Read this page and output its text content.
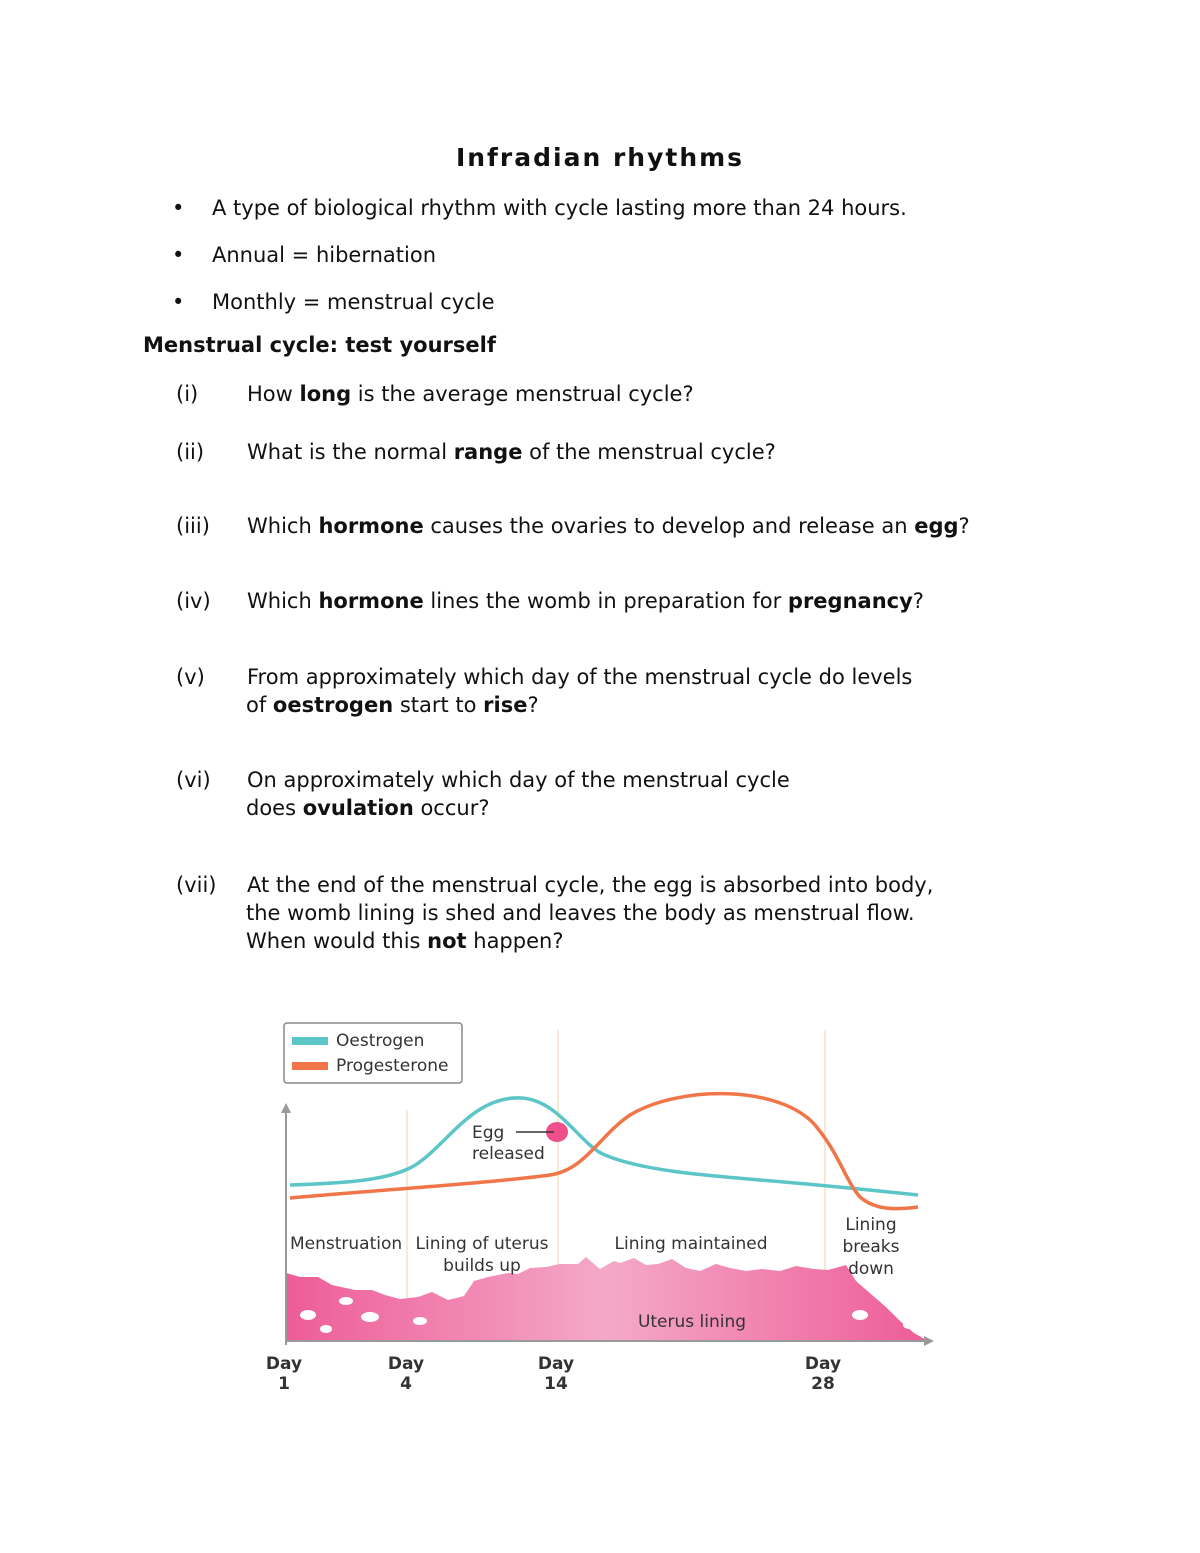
Infradian rhythms
•	A type of biological rhythm with cycle lasting more than 24 hours.
•	Annual = hibernation
•	Monthly = menstrual cycle
Menstrual cycle: test yourself
(i) How long is the average menstrual cycle?
(ii) What is the normal range of the menstrual cycle?
(iii) Which hormone causes the ovaries to develop and release an egg?
(iv) Which hormone lines the womb in preparation for pregnancy?
(v) From approximately which day of the menstrual cycle do levels
of oestrogen start to rise?
(vi) On approximately which day of the menstrual cycle
does ovulation occur?
(vii) At the end of the menstrual cycle, the egg is absorbed into body,
the womb lining is shed and leaves the body as menstrual flow.
When would this not happen?
Egg
released
Oestrogen
Progesterone
Menstruation Lining of uterus
builds up
Lining maintained
Lining
breaks
down
Uterus lining
Day
1
Day
4
Day
14
Day
28
